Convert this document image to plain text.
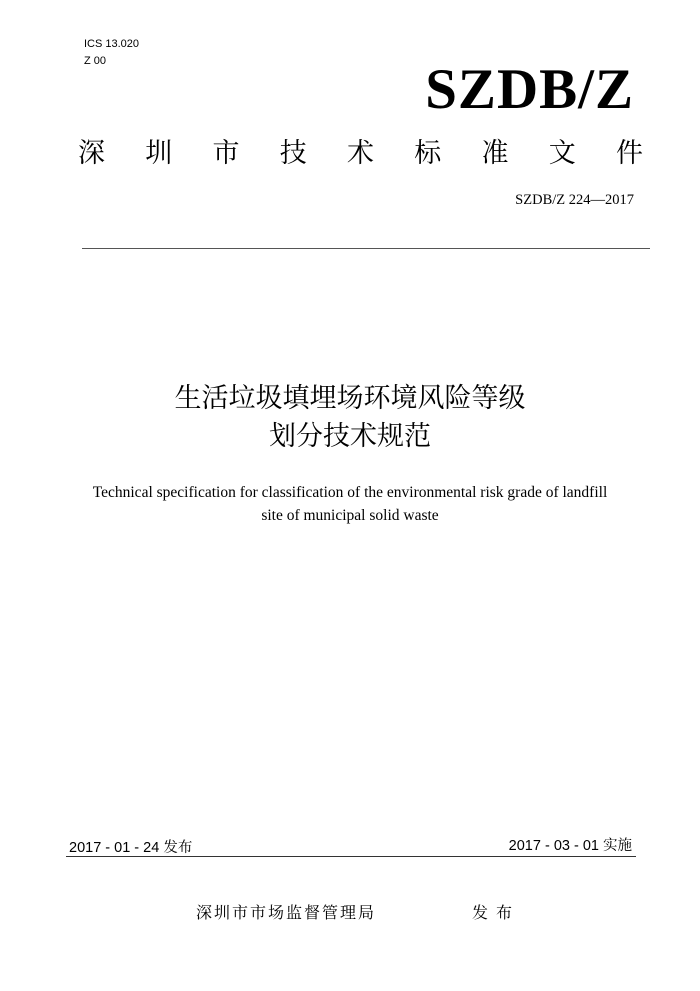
ICS 13.020
Z 00	SZDB/Z
深 圳 市 技 术 标 准 文 件
SZDB/Z 224—2017
生活垃圾填埋场环境风险等级
划分技术规范
Technical specification for classification of the environmental risk grade of landfill
site of municipal solid waste
2017 - 01 - 24 发布	2017 - 03 - 01 实施
深圳市市场监督管理局	发布
